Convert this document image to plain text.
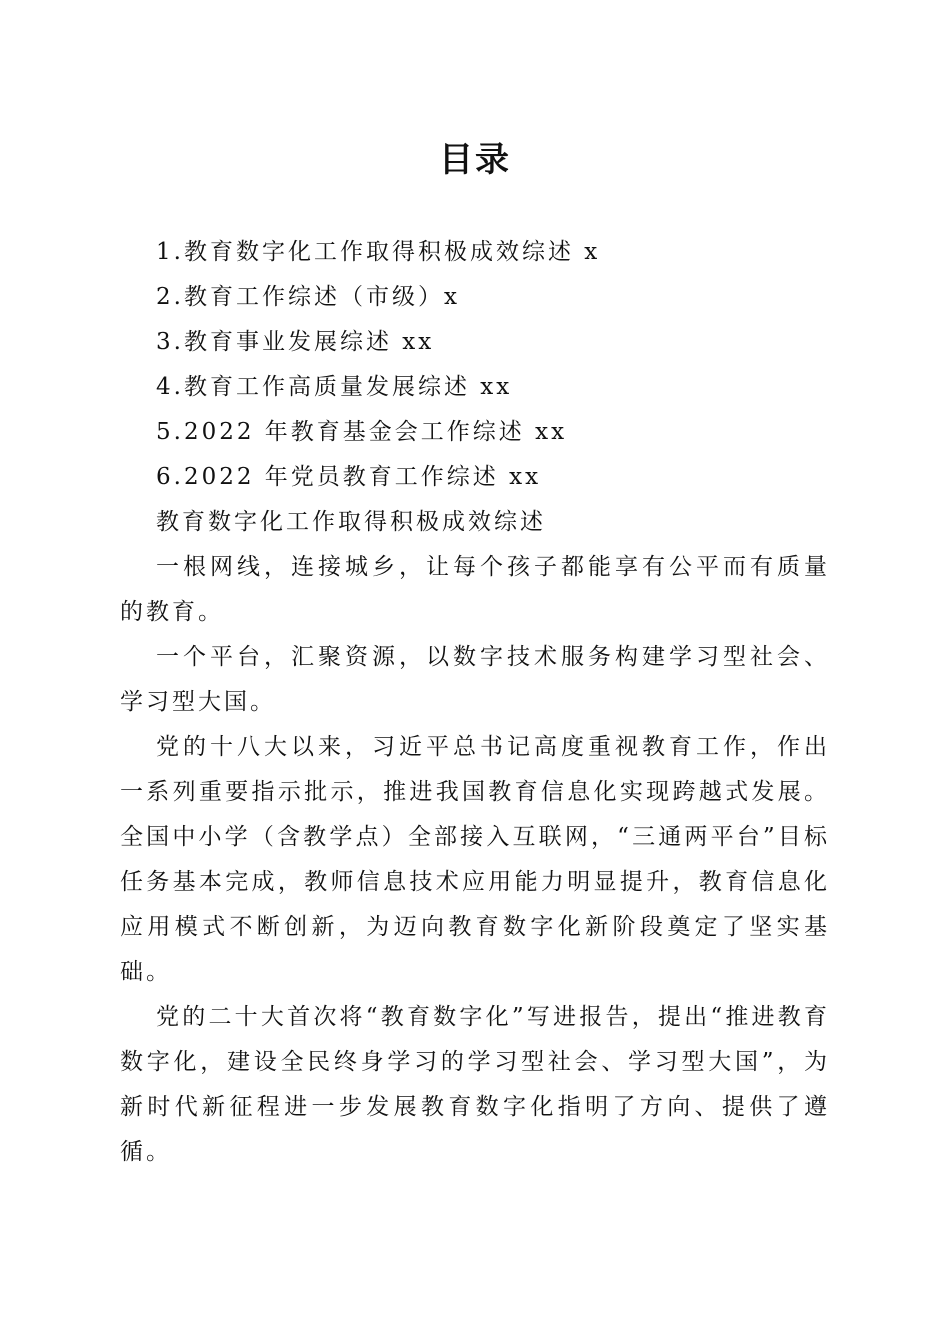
目录
1.教育数字化工作取得积极成效综述 x
2.教育工作综述（市级）x
3.教育事业发展综述 xx
4.教育工作高质量发展综述 xx
5.2022 年教育基金会工作综述 xx
6.2022 年党员教育工作综述 xx
教育数字化工作取得积极成效综述

一根网线，连接城乡，让每个孩子都能享有公平而有质量的教育。

一个平台，汇聚资源，以数字技术服务构建学习型社会、学习型大国。

党的十八大以来，习近平总书记高度重视教育工作，作出一系列重要指示批示，推进我国教育信息化实现跨越式发展。全国中小学（含教学点）全部接入互联网，“三通两平台”目标任务基本完成，教师信息技术应用能力明显提升，教育信息化应用模式不断创新，为迈向教育数字化新阶段奠定了坚实基础。

党的二十大首次将“教育数字化”写进报告，提出“推进教育数字化，建设全民终身学习的学习型社会、学习型大国”，为新时代新征程进一步发展教育数字化指明了方向、提供了遵循。
